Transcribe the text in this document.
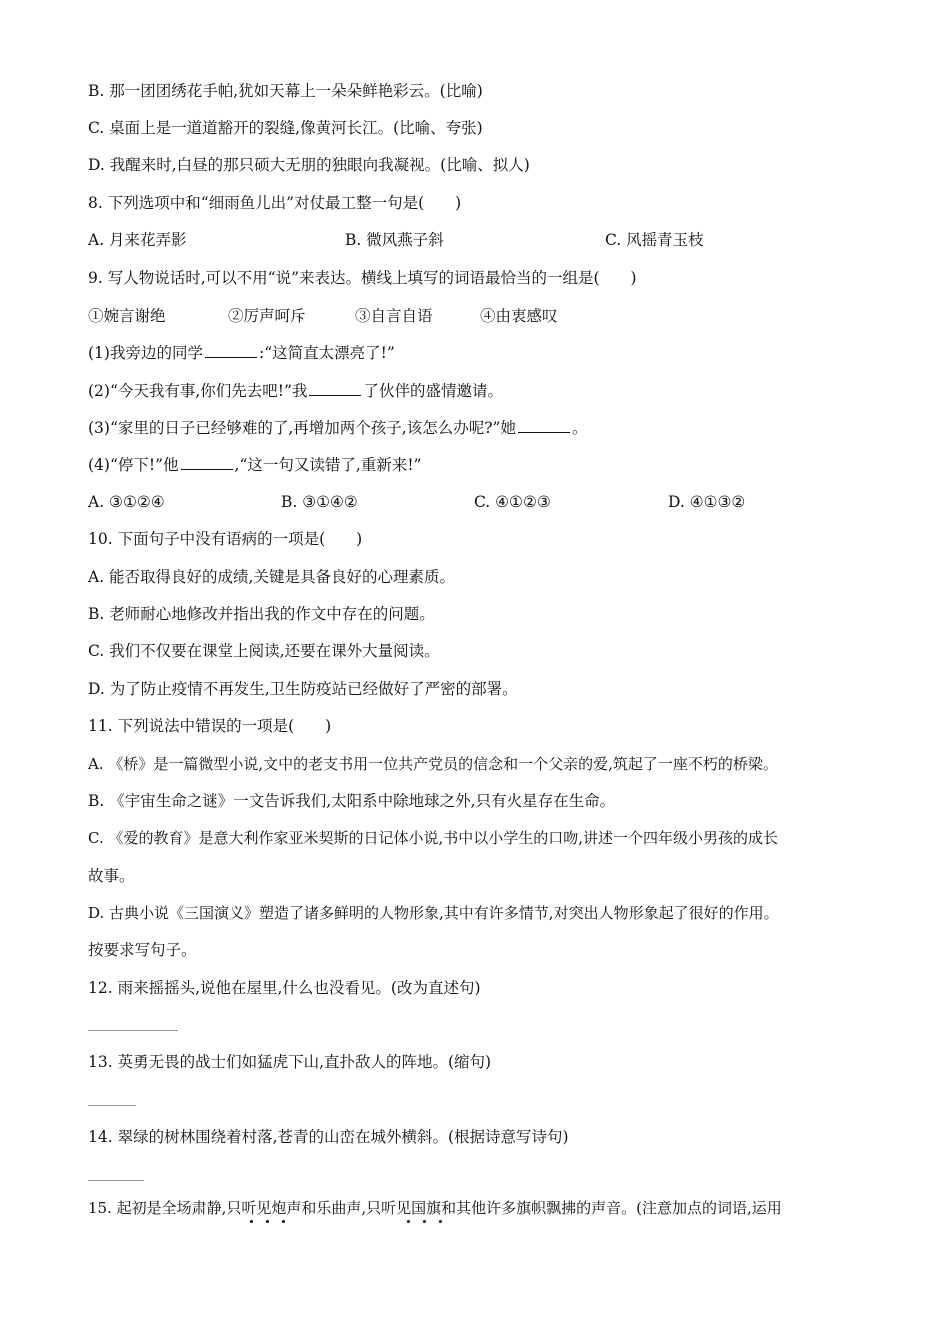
B. 那一团团绣花手帕,犹如天幕上一朵朵鲜艳彩云。(比喻)
C. 桌面上是一道道豁开的裂缝,像黄河长江。(比喻、夸张)
D. 我醒来时,白昼的那只硕大无朋的独眼向我凝视。(比喻、拟人)
8. 下列选项中和“细雨鱼儿出”对仗最工整一句是(　　)
A. 月来花弄影	B. 微风燕子斜	C. 风摇青玉枝
9. 写人物说话时,可以不用“说”来表达。横线上填写的词语最恰当的一组是(　　)
①婉言谢绝	②厉声呵斥	③自言自语	④由衷感叹
(1)我旁边的同学	:“这简直太漂亮了!”
(2)“今天我有事,你们先去吧!”我	了伙伴的盛情邀请。
(3)“家里的日子已经够难的了,再增加两个孩子,该怎么办呢?”她	。
(4)“停下!”他	,“这一句又读错了,重新来!”
A. ③①②④	B. ③①④②	C. ④①②③	D. ④①③②
10. 下面句子中没有语病的一项是(　　)
A. 能否取得良好的成绩,关键是具备良好的心理素质。
B. 老师耐心地修改并指出我的作文中存在的问题。
C. 我们不仅要在课堂上阅读,还要在课外大量阅读。
D. 为了防止疫情不再发生,卫生防疫站已经做好了严密的部署。
11. 下列说法中错误的一项是(　　)
A. 《桥》是一篇微型小说,文中的老支书用一位共产党员的信念和一个父亲的爱,筑起了一座不朽的桥梁。
B. 《宇宙生命之谜》一文告诉我们,太阳系中除地球之外,只有火星存在生命。
C. 《爱的教育》是意大利作家亚米契斯的日记体小说,书中以小学生的口吻,讲述一个四年级小男孩的成长
故事。
D. 古典小说《三国演义》塑造了诸多鲜明的人物形象,其中有许多情节,对突出人物形象起了很好的作用。
按要求写句子。
12. 雨来摇摇头,说他在屋里,什么也没看见。(改为直述句)
13. 英勇无畏的战士们如猛虎下山,直扑敌人的阵地。(缩句)
14. 翠绿的树林围绕着村落,苍青的山峦在城外横斜。(根据诗意写诗句)
15. 起初是全场肃静,只听见炮声和乐曲声,只听见国旗和其他许多旗帜飘拂的声音。(注意加点的词语,运用
